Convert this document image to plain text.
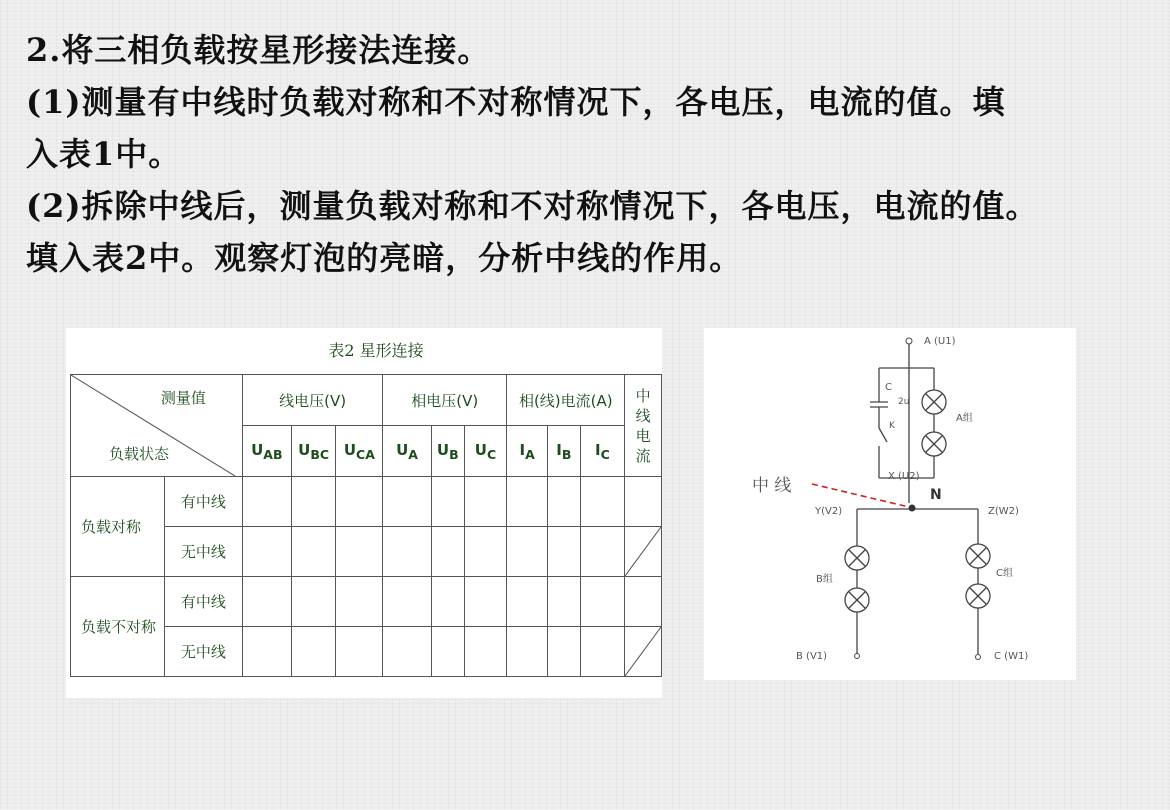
2.将三相负载按星形接法连接。

(1)测量有中线时负载对称和不对称情况下，各电压，电流的值。填

入表1中。

(2)拆除中线后，测量负载对称和不对称情况下，各电压，电流的值。

填入表2中。观察灯泡的亮暗，分析中线的作用。

表2 星形连接
测量值
负载状态		线电压(V)			相电压(V)			相(线)电流(A)			中线电流
		$U_{AB}$	$U_{BC}$	$U_{CA}$	$U_A$	$U_B$	$U_C$	$I_A$	$I_B$	$I_C$
负载对称	有中线										
	无中线										

负载不对称	有中线										
	无中线										
A (U1)
C
2u
K
A组
X (U2)
中 线	N
Y(V2)	Z(W2)
B组
C组
B (V1)	C (W1)
